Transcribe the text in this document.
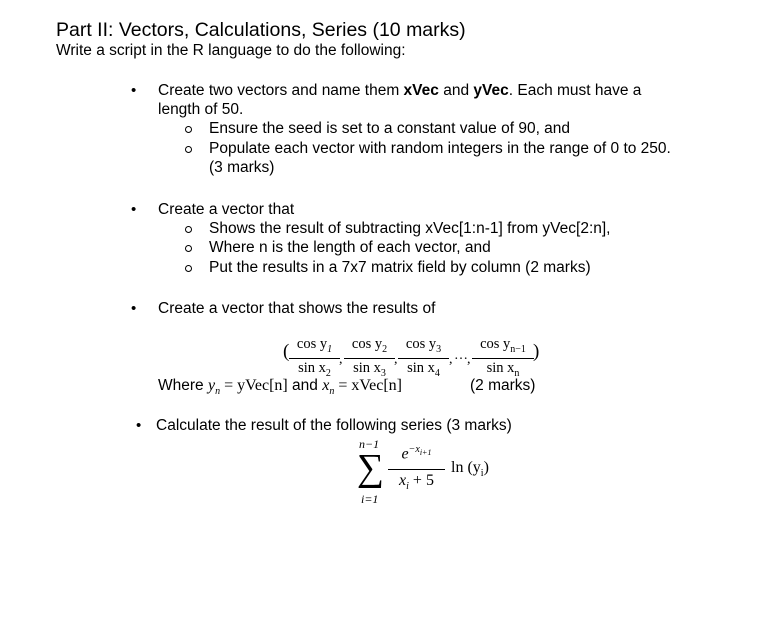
Part II: Vectors, Calculations, Series (10 marks)
Write a script in the R language to do the following:
• Create two vectors and name them xVec and yVec. Each must have a
length of 50.
Ensure the seed is set to a constant value of 90, and
Populate each vector with random integers in the range of 0 to 250.
(3 marks)
• Create a vector that
Shows the result of subtracting xVec[1:n-1] from yVec[2:n],
Where n is the length of each vector, and
Put the results in a 7x7 matrix field by column (2 marks)
• Create a vector that shows the results of
( $\cos y_1$
$\sin x_2$
,
$\cos y_2$
$\sin x_3$
,
$\cos y_3$
$\sin x_4$
, … ,
$\cos y_{n-1}$
$\sin x_n$
)
Where $y_n$ = yVec[n] and $x_n$ = xVec[n]	(2 marks)
• Calculate the result of the following series (3 marks)
n−1
∑
i=1
$e^{-x_{i+1}}$
$x_i + 5$
$\ln (y_i)$
